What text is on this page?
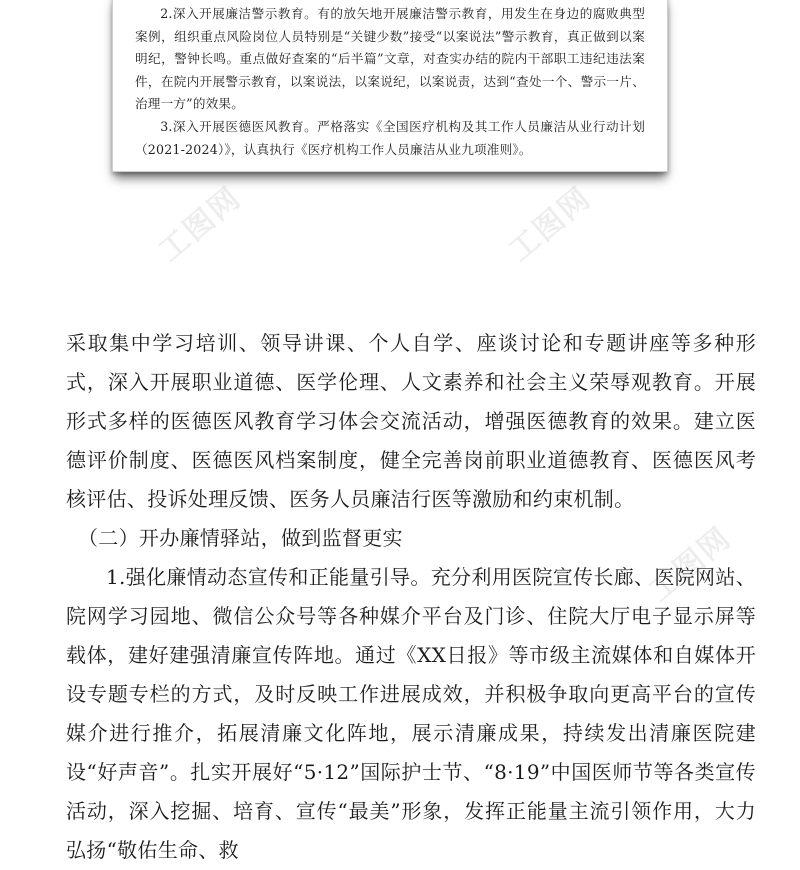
2.深入开展廉洁警示教育。有的放矢地开展廉洁警示教育，用发生在身边的腐败典型案例，组织重点风险岗位人员特别是“关键少数”接受“以案说法”警示教育，真正做到以案明纪，警钟长鸣。重点做好查案的“后半篇”文章，对查实办结的院内干部职工违纪违法案件，在院内开展警示教育，以案说法，以案说纪，以案说责，达到“查处一个、警示一片、治理一方”的效果。

3.深入开展医德医风教育。严格落实《全国医疗机构及其工作人员廉洁从业行动计划（2021-2024）》，认真执行《医疗机构工作人员廉洁从业九项准则》。

工图网	工图网
工图网

采取集中学习培训、领导讲课、个人自学、座谈讨论和专题讲座等多种形式，深入开展职业道德、医学伦理、人文素养和社会主义荣辱观教育。开展形式多样的医德医风教育学习体会交流活动，增强医德教育的效果。建立医德评价制度、医德医风档案制度，健全完善岗前职业道德教育、医德医风考核评估、投诉处理反馈、医务人员廉洁行医等激励和约束机制。

（二）开办廉情驿站，做到监督更实

1.强化廉情动态宣传和正能量引导。充分利用医院宣传长廊、医院网站、院网学习园地、微信公众号等各种媒介平台及门诊、住院大厅电子显示屏等载体，建好建强清廉宣传阵地。通过《XX日报》等市级主流媒体和自媒体开设专题专栏的方式，及时反映工作进展成效，并积极争取向更高平台的宣传媒介进行推介，拓展清廉文化阵地，展示清廉成果，持续发出清廉医院建设“好声音”。扎实开展好“5·12”国际护士节、“8·19”中国医师节等各类宣传活动，深入挖掘、培育、宣传“最美”形象，发挥正能量主流引领作用，大力弘扬“敬佑生命、救
